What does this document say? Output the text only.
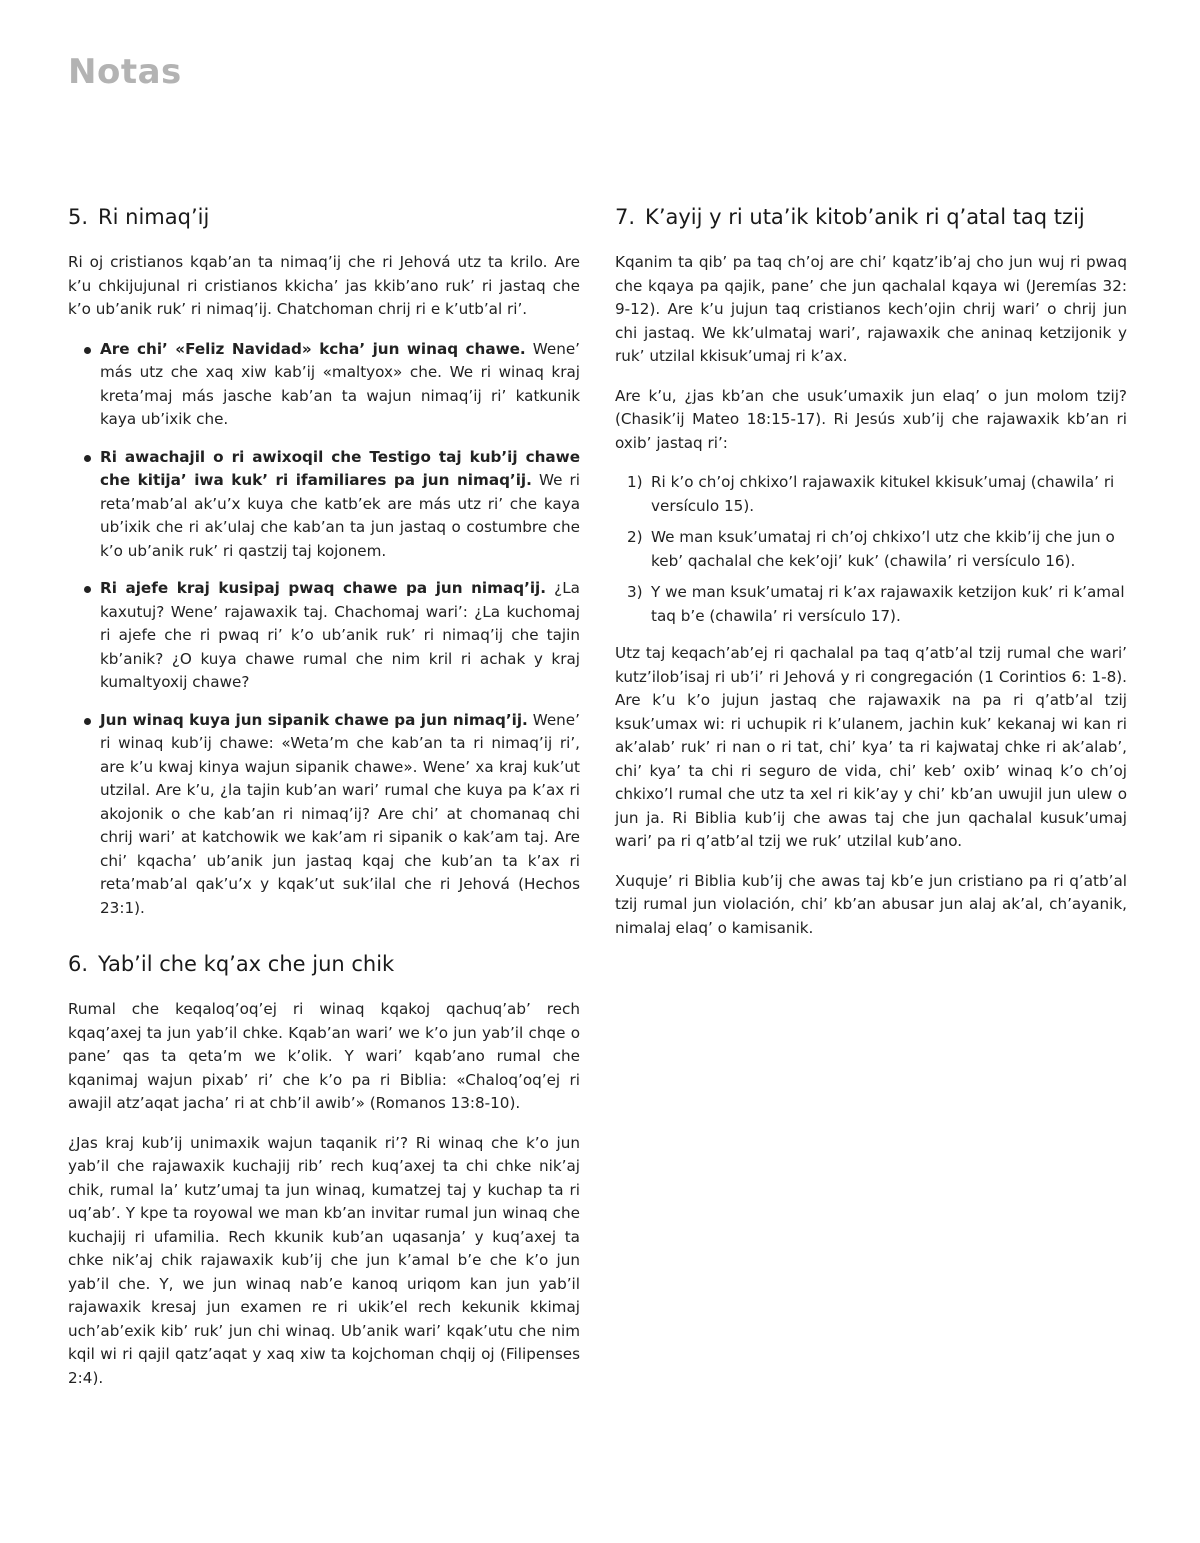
Notas
5. Ri nimaq’ij

Ri oj cristianos kqab’an ta nimaq’ij che ri Jehová utz ta krilo. Are k’u chkijujunal ri cristianos kkicha’ jas kkib’ano ruk’ ri jastaq che k’o ub’anik ruk’ ri nimaq’ij. Chatchoman chrij ri e k’utb’al ri’.

Are chi’ «Feliz Navidad» kcha’ jun winaq chawe. Wene’ más utz che xaq xiw kab’ij «maltyox» che. We ri winaq kraj kreta’maj más jasche kab’an ta wajun nimaq’ij ri’ katkunik kaya ub’ixik che.
Ri awachajil o ri awixoqil che Testigo taj kub’ij chawe che kitija’ iwa kuk’ ri ifamiliares pa jun nimaq’ij. We ri reta’mab’al ak’u’x kuya che katb’ek are más utz ri’ che kaya ub’ixik che ri ak’ulaj che kab’an ta jun jastaq o costumbre che k’o ub’anik ruk’ ri qastzij taj kojonem.
Ri ajefe kraj kusipaj pwaq chawe pa jun nimaq’ij. ¿La kaxutuj? Wene’ rajawaxik taj. Chachomaj wari’: ¿La kuchomaj ri ajefe che ri pwaq ri’ k’o ub’anik ruk’ ri nimaq’ij che tajin kb’anik? ¿O kuya chawe rumal che nim kril ri achak y kraj kumaltyoxij chawe?
Jun winaq kuya jun sipanik chawe pa jun nimaq’ij. Wene’ ri winaq kub’ij chawe: «Weta’m che kab’an ta ri nimaq’ij ri’, are k’u kwaj kinya wajun sipanik chawe». Wene’ xa kraj kuk’ut utzilal. Are k’u, ¿la tajin kub’an wari’ rumal che kuya pa k’ax ri akojonik o che kab’an ri nimaq’ij? Are chi’ at chomanaq chi chrij wari’ at katchowik we kak’am ri sipanik o kak’am taj. Are chi’ kqacha’ ub’anik jun jastaq kqaj che kub’an ta k’ax ri reta’mab’al qak’u’x y kqak’ut suk’ilal che ri Jehová (Hechos 23:1).
6. Yab’il che kq’ax che jun chik

Rumal che keqaloq’oq’ej ri winaq kqakoj qachuq’ab’ rech kqaq’axej ta jun yab’il chke. Kqab’an wari’ we k’o jun yab’il chqe o pane’ qas ta qeta’m we k’olik. Y wari’ kqab’ano rumal che kqanimaj wajun pixab’ ri’ che k’o pa ri Biblia: «Chaloq’oq’ej ri awajil atz’aqat jacha’ ri at chb’il awib’» (Romanos 13:8-10).

¿Jas kraj kub’ij unimaxik wajun taqanik ri’? Ri winaq che k’o jun yab’il che rajawaxik kuchajij rib’ rech kuq’axej ta chi chke nik’aj chik, rumal la’ kutz’umaj ta jun winaq, kumatzej taj y kuchap ta ri uq’ab’. Y kpe ta royowal we man kb’an invitar rumal jun winaq che kuchajij ri ufamilia. Rech kkunik kub’an uqasanja’ y kuq’axej ta chke nik’aj chik rajawaxik kub’ij che jun k’amal b’e che k’o jun yab’il che. Y, we jun winaq nab’e kanoq uriqom kan jun yab’il rajawaxik kresaj jun examen re ri ukik’el rech kekunik kkimaj uch’ab’exik kib’ ruk’ jun chi winaq. Ub’anik wari’ kqak’utu che nim kqil wi ri qajil qatz’aqat y xaq xiw ta kojchoman chqij oj (Filipenses 2:4).

7. K’ayij y ri uta’ik kitob’anik ri q’atal taq tzij

Kqanim ta qib’ pa taq ch’oj are chi’ kqatz’ib’aj cho jun wuj ri pwaq che kqaya pa qajik, pane’ che jun qachalal kqaya wi (Jeremías 32: 9-12). Are k’u jujun taq cristianos kech’ojin chrij wari’ o chrij jun chi jastaq. We kk’ulmataj wari’, rajawaxik che aninaq ketzijonik y ruk’ utzilal kkisuk’umaj ri k’ax.

Are k’u, ¿jas kb’an che usuk’umaxik jun elaq’ o jun molom tzij? (Chasik’ij Mateo 18:15-17). Ri Jesús xub’ij che rajawaxik kb’an ri oxib’ jastaq ri’:

1) Ri k’o ch’oj chkixo’l rajawaxik kitukel kkisuk’umaj (chawila’ ri versículo 15).
2) We man ksuk’umataj ri ch’oj chkixo’l utz che kkib’ij che jun o keb’ qachalal che kek’oji’ kuk’ (chawila’ ri versículo 16).
3) Y we man ksuk’umataj ri k’ax rajawaxik ketzijon kuk’ ri k’amal taq b’e (chawila’ ri versículo 17).

Utz taj keqach’ab’ej ri qachalal pa taq q’atb’al tzij rumal che wari’ kutz’ilob’isaj ri ub’i’ ri Jehová y ri congregación (1 Corintios 6: 1-8). Are k’u k’o jujun jastaq che rajawaxik na pa ri q’atb’al tzij ksuk’umax wi: ri uchupik ri k’ulanem, jachin kuk’ kekanaj wi kan ri ak’alab’ ruk’ ri nan o ri tat, chi’ kya’ ta ri kajwataj chke ri ak’alab’, chi’ kya’ ta chi ri seguro de vida, chi’ keb’ oxib’ winaq k’o ch’oj chkixo’l rumal che utz ta xel ri kik’ay y chi’ kb’an uwujil jun ulew o jun ja. Ri Biblia kub’ij che awas taj che jun qachalal kusuk’umaj wari’ pa ri q’atb’al tzij we ruk’ utzilal kub’ano.

Xuquje’ ri Biblia kub’ij che awas taj kb’e jun cristiano pa ri q’atb’al tzij rumal jun violación, chi’ kb’an abusar jun alaj ak’al, ch’ayanik, nimalaj elaq’ o kamisanik.
